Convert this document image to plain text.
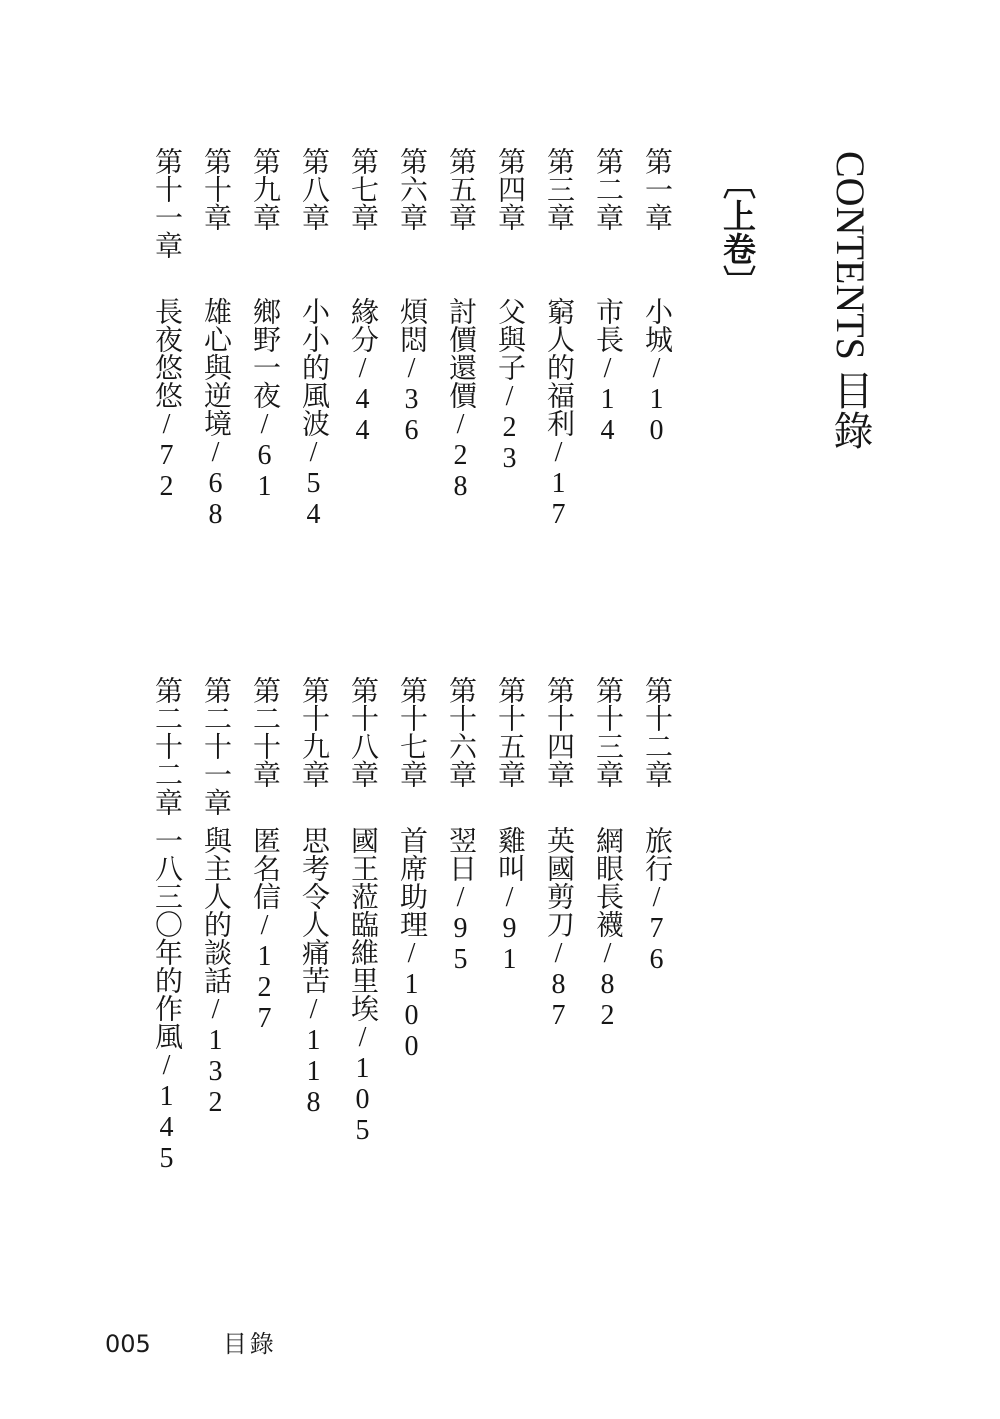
CONTENTS 目錄
〔上卷〕
第一章
小城/10
第二章
市長/14
第三章
窮人的福利/17
第四章
父與子/23
第五章
討價還價/28
第六章
煩悶/36
第七章
緣分/44
第八章
小小的風波/54
第九章
鄉野一夜/61
第十章
雄心與逆境/68
第十一章
長夜悠悠/72
第十二章
旅行/76
第十三章
網眼長襪/82
第十四章
英國剪刀/87
第十五章
雞叫/91
第十六章
翌日/95
第十七章
首席助理/100
第十八章
國王蒞臨維里埃/105
第十九章
思考令人痛苦/118
第二十章
匿名信/127
第二十一章
與主人的談話/132
第二十二章
一八三〇年的作風/145
005	目錄
